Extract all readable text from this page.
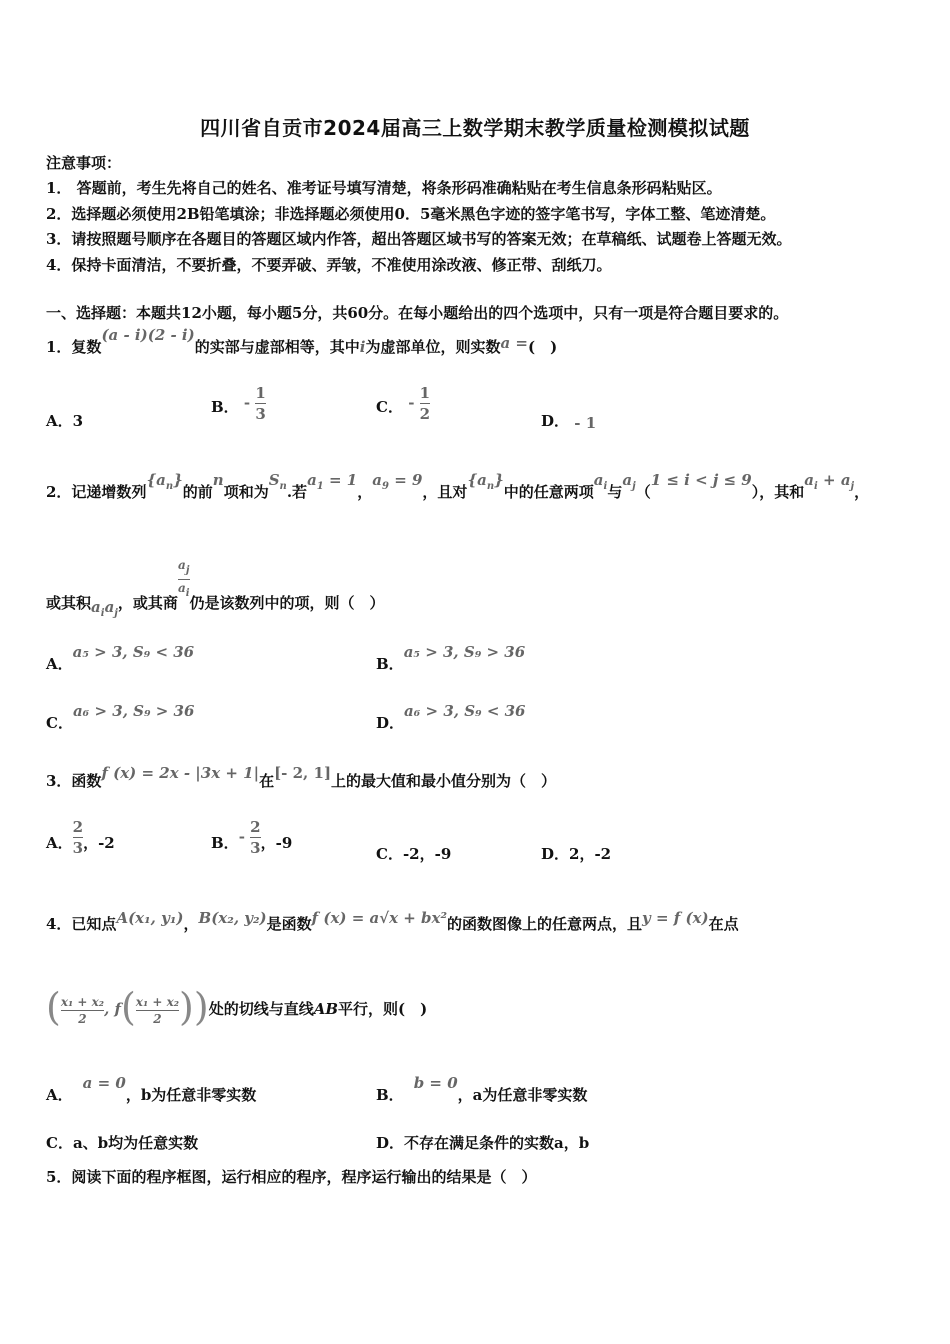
四川省自贡市2024届高三上数学期末教学质量检测模拟试题
注意事项：
1． 答题前，考生先将自己的姓名、准考证号填写清楚，将条形码准确粘贴在考生信息条形码粘贴区。
2．选择题必须使用2B铅笔填涂；非选择题必须使用0．5毫米黑色字迹的签字笔书写，字体工整、笔迹清楚。
3．请按照题号顺序在各题目的答题区域内作答，超出答题区域书写的答案无效；在草稿纸、试题卷上答题无效。
4．保持卡面清洁，不要折叠，不要弄破、弄皱，不准使用涂改液、修正带、刮纸刀。
一、选择题：本题共12小题，每小题5分，共60分。在每小题给出的四个选项中，只有一项是符合题目要求的。
1．复数(a - i)(2 - i)的实部与虚部相等，其中i为虚部单位，则实数a =(　)
A．3
B． - $\frac{1}{3}$	C． - $\frac{1}{2}$	D． - 1
2．记递增数列$\{a_n\}$的前n项和为$S_n$.若$a_1 = 1$，$a_9 = 9$，且对$\{a_n\}$中的任意两项$a_i$与$a_j(1 \le i < j \le 9)$，其和$a_i + a_j$，
或其积$a_ia_j$，或其商
$\frac{a_j}{a_i}$
仍是该数列中的项，则（　）
A．a₅ > 3, S₉ < 36
B．a₅ > 3, S₉ > 36
C．a₆ > 3, S₉ > 36
D．a₆ > 3, S₉ < 36
3．函数f (x) = 2x - |3x + 1|在[- 2, 1]上的最大值和最小值分别为（　）
A． $\frac{2}{3}$ ，-2	B．- $\frac{2}{3}$ ，-9
C．-2，-9	D．2，-2
4．已知点A(x₁, y₁)，B(x₂, y₂)是函数f (x) = a√x + bx²的函数图像上的任意两点，且y = f (x)在点
( $\frac{\text{x₁ + x₂}}{2}$ , $f( \frac{\text{x₁ + x₂}}{2}$ ))处的切线与直线AB平行，则(　)
A．a = 0，b为任意非零实数	B．b = 0，a为任意非零实数
C．a、b均为任意实数	D．不存在满足条件的实数a，b
5．阅读下面的程序框图，运行相应的程序，程序运行输出的结果是（　）
